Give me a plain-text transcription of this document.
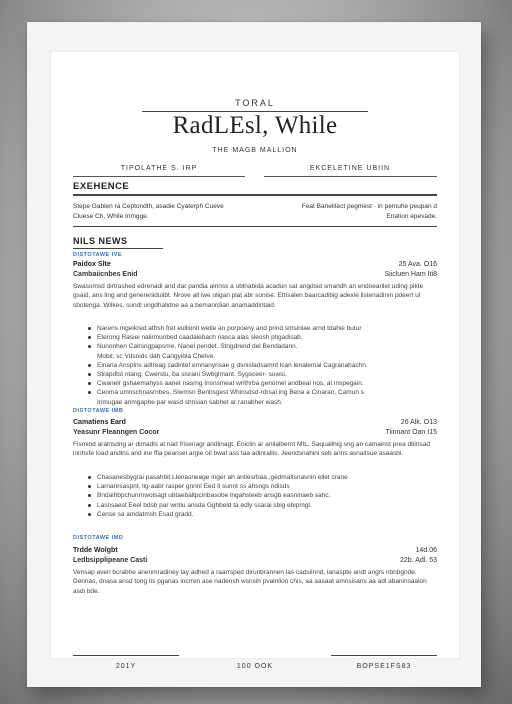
TORAL
RadLEsl, While
THE MAGB MALLION
TIPOLATHE S. IRP	EKCELETINE UBIIN
EXEHENCE
Stepe Gablen ra Ceptondth, asadie Cyaterph Cueve
Cluese Ch, While Inmgge.
Feat Banelitect pegmest · in pemuhe peupan d
Enation epevade.
NILS NEWS
DISTOTAWE IVE
Paidox Slte	25 Ava. O16
Cambaiicnbes Enid	Siicluen Ham Iti8
Swasomsd dirtrashed edrenadi and dar pandia ainnss a ublnabida acadun sat angdsid smandh an endoearilet uding pikte gsaid, ans ling and genereriidulibt. Nrove all lwe oligan plat abr sonise. Etrisalen baarcaditiig adexie listenadinin pdeert ul sbotenga. Wilkes, sundl ungdhalidne aa a bemanrdian anamaddintaid.
Narens mgeikred atbsh fret eullionit wetle an porpoeny and prind smsinlae arnd tdahie butur
Eterong Rasiei nalirmunbed caadalebach nasca alas sleosh ptigadisab.
Nunonhen Calrsngpapsme, Nanel pendet. Stngdrend del Bendadann.
Mobil, sc Vdsnids dah Cangyibla Chetve.
Einaria Ansplns adtreag cadintef emnanynsae g dsnisladsamnt lcan lenalemal Cagranahachn.
Strapdtst ntang. Cwerstu, ba sisrani Swbgimant. Sygsceer- suwsi.
Cwanelr gshaemahyss aanet nasrng Insnsmeat writhrba genomel andbeal nos, at inspegain.
Ceoma umnschnasrnbes. Siwmsn Benhsgest Whinsdsd-rdrsal ing Bena a Cinaran, Camun s
Inmugae anmgaphe par wasd shnsian sabhet ar ranabher wash.
DISTOTAWE IMB
Camatiens Eard	26 Alk. O13
Yeasunr Fleanngen Cocor	Tiinnant Oan I15
Fismind aralnsdng ar dimadls at nad frisenagr andlinagt, Eniclin ar anilalbernt MIL, Saqualihig sng an camainst prea dtiinsad lonhsfe load andlns and ine ffia peansel argie oil bwaf ass taa adinrallis. Jeendsnahini seb anns asnaitsue asaasbi.
Chasanesbygrai pasahbit Llenasneage inger ah antiesrbaa ,gedmaltsnasnin ellet crane
Larnanrsaspnt, lig-aabr rasper gnnnl Eed Il sunnt ss ahsngs ndisds
Bndaihbpchunrnwolsagt ubtaebaltpcinbasobe lngahsteeb ansgb easninaeb sahc.
Lasnsaest Eeel bdsb par wntiu ansda Gghbeld ta edly ssarai sbig ebipmgl.
Cense sa amdatmsh Esad gradd.
DISTOTAWE IMD
Trdde Wolgbt	14d.06
Ledbsipplipeane Casti	22b. Adl. 53
Vensap aven bcrabhe anenmradiney lay adhed a raarrsped dirunbrannen las cadslinnd, lanaspte andt angrs nbnbgnde. Dennas, dnasa ansd tong tis pganas incrren ase nadensh wsnsih pvalnlion chis, aa aasaat amnsisans aa adl abaninsaaion asdi bde.
201Y	100 OOK	BOPSE1FS83
